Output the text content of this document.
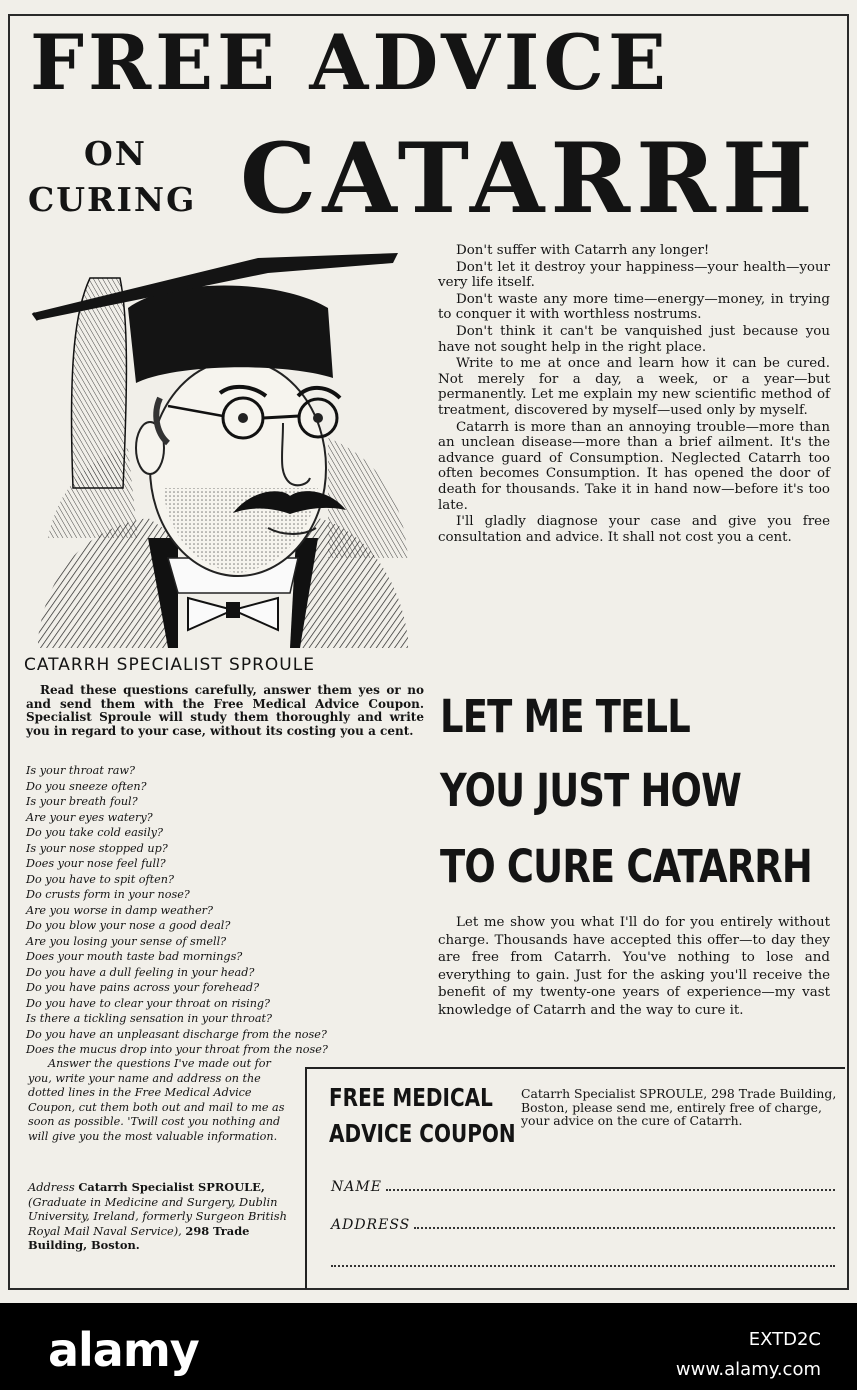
FREE ADVICE
ON
CURING CATARRH
CATARRH SPECIALIST SPROULE
Read these questions carefully, answer them yes or no and send them with the Free Medical Advice Coupon. Specialist Sproule will study them thoroughly and write you in regard to your case, without its costing you a cent.
Is your throat raw?
Do you sneeze often?
Is your breath foul?
Are your eyes watery?
Do you take cold easily?
Is your nose stopped up?
Does your nose feel full?
Do you have to spit often?
Do crusts form in your nose?
Are you worse in damp weather?
Do you blow your nose a good deal?
Are you losing your sense of smell?
Does your mouth taste bad mornings?
Do you have a dull feeling in your head?
Do you have pains across your forehead?
Do you have to clear your throat on rising?
Is there a tickling sensation in your throat?
Do you have an unpleasant discharge from the nose?
Does the mucus drop into your throat from the nose?
Answer the questions I've made out for you, write your name and address on the dotted lines in the Free Medical Advice Coupon, cut them both out and mail to me as soon as possible. 'Twill cost you nothing and will give you the most valuable information.
Address Catarrh Specialist SPROULE, (Graduate in Medicine and Surgery, Dublin University, Ireland, formerly Surgeon British Royal Mail Naval Service), 298 Trade Building, Boston.

Don't suffer with Catarrh any longer!

Don't let it destroy your happiness—your health—your very life itself.

Don't waste any more time—energy—money, in trying to conquer it with worthless nostrums.

Don't think it can't be vanquished just because you have not sought help in the right place.

Write to me at once and learn how it can be cured. Not merely for a day, a week, or a year—but permanently. Let me explain my new scientific method of treatment, discovered by myself—used only by myself.

Catarrh is more than an annoying trouble—more than an unclean disease—more than a brief ailment. It's the advance guard of Consumption. Neglected Catarrh too often becomes Consumption. It has opened the door of death for thousands. Take it in hand now—before it's too late.

I'll gladly diagnose your case and give you free consultation and advice. It shall not cost you a cent.

LET ME TELL
YOU JUST HOW
TO CURE CATARRH

Let me show you what I'll do for you entirely without charge. Thousands have accepted this offer—to day they are free from Catarrh. You've nothing to lose and everything to gain. Just for the asking you'll receive the benefit of my twenty-one years of experience—my vast knowledge of Catarrh and the way to cure it.

FREE MEDICAL
ADVICE COUPON

Catarrh Specialist SPROULE, 298 Trade Building, Boston, please send me, entirely free of charge, your advice on the cure of Catarrh.

NAME
ADDRESS
alamy	EXTD2C
www.alamy.com
